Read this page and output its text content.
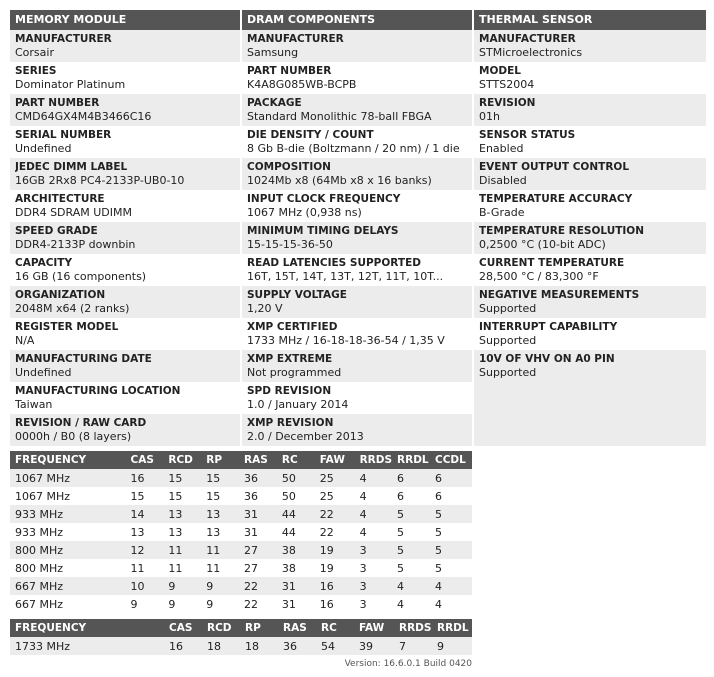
MEMORY MODULE
MANUFACTURER
Corsair
SERIES
Dominator Platinum
PART NUMBER
CMD64GX4M4B3466C16
SERIAL NUMBER
Undefined
JEDEC DIMM LABEL
16GB 2Rx8 PC4-2133P-UB0-10
ARCHITECTURE
DDR4 SDRAM UDIMM
SPEED GRADE
DDR4-2133P downbin
CAPACITY
16 GB (16 components)
ORGANIZATION
2048M x64 (2 ranks)
REGISTER MODEL
N/A
MANUFACTURING DATE
Undefined
MANUFACTURING LOCATION
Taiwan
REVISION / RAW CARD
0000h / B0 (8 layers)
DRAM COMPONENTS
MANUFACTURER
Samsung
PART NUMBER
K4A8G085WB-BCPB
PACKAGE
Standard Monolithic 78-ball FBGA
DIE DENSITY / COUNT
8 Gb B-die (Boltzmann / 20 nm) / 1 die
COMPOSITION
1024Mb x8 (64Mb x8 x 16 banks)
INPUT CLOCK FREQUENCY
1067 MHz (0,938 ns)
MINIMUM TIMING DELAYS
15-15-15-36-50
READ LATENCIES SUPPORTED
16T, 15T, 14T, 13T, 12T, 11T, 10T...
SUPPLY VOLTAGE
1,20 V
XMP CERTIFIED
1733 MHz / 16-18-18-36-54 / 1,35 V
XMP EXTREME
Not programmed
SPD REVISION
1.0 / January 2014
XMP REVISION
2.0 / December 2013
THERMAL SENSOR
MANUFACTURER
STMicroelectronics
MODEL
STTS2004
REVISION
01h
SENSOR STATUS
Enabled
EVENT OUTPUT CONTROL
Disabled
TEMPERATURE ACCURACY
B-Grade
TEMPERATURE RESOLUTION
0,2500 °C (10-bit ADC)
CURRENT TEMPERATURE
28,500 °C / 83,300 °F
NEGATIVE MEASUREMENTS
Supported
INTERRUPT CAPABILITY
Supported
10V OF VHV ON A0 PIN
Supported
FREQUENCY	CAS	RCD	RP	RAS	RC	FAW	RRDS	RRDL	CCDL
1067 MHz	16	15	15	36	50	25	4	6	6
1067 MHz	15	15	15	36	50	25	4	6	6
933 MHz	14	13	13	31	44	22	4	5	5
933 MHz	13	13	13	31	44	22	4	5	5
800 MHz	12	11	11	27	38	19	3	5	5
800 MHz	11	11	11	27	38	19	3	5	5
667 MHz	10	9	9	22	31	16	3	4	4
667 MHz	9	9	9	22	31	16	3	4	4
FREQUENCY	CAS	RCD	RP	RAS	RC	FAW	RRDS	RRDL
1733 MHz	16	18	18	36	54	39	7	9
Version: 16.6.0.1 Build 0420
